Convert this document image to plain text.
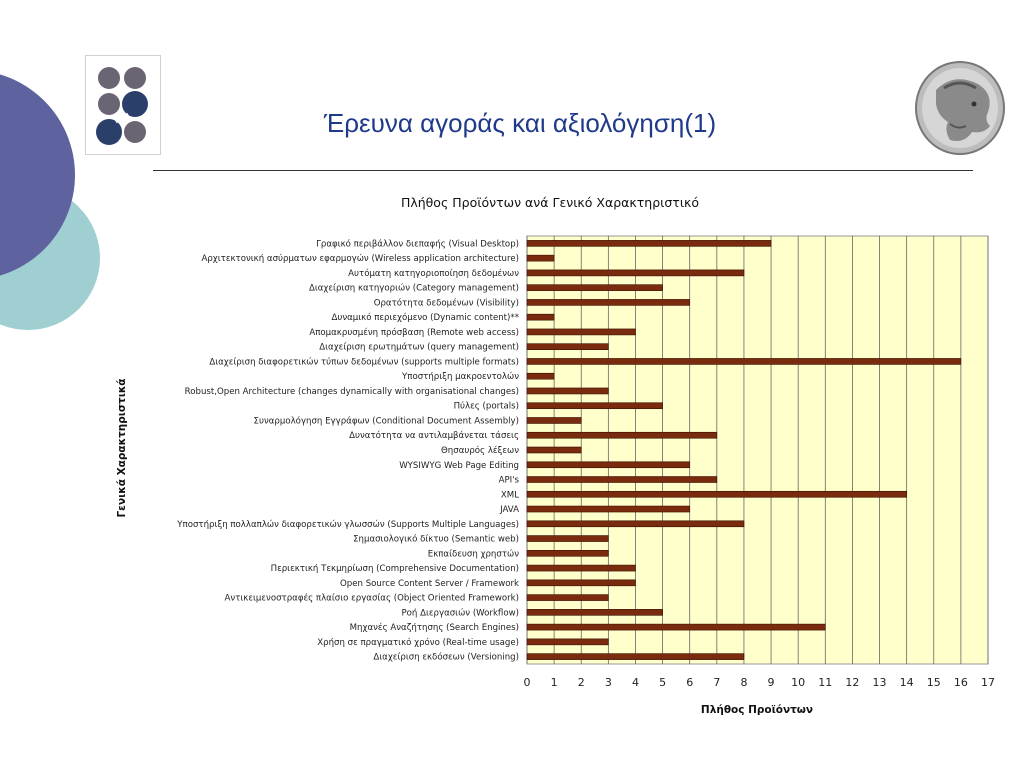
Έρευνα αγοράς και αξιολόγηση(1)
Πλήθος Προϊόντων ανά Γενικό Χαρακτηριστικό
Γραφικό περιβάλλον διεπαφής (Visual Desktop)
Αρχιτεκτονική ασύρματων εφαρμογών (Wireless application architecture)
Αυτόματη κατηγοριοποίηση δεδομένων
Διαχείριση κατηγοριών (Category management)
Ορατότητα δεδομένων (Visibility)
Δυναμικό περιεχόμενο (Dynamic content)**
Απομακρυσμένη πρόσβαση (Remote web access)
Διαχείριση ερωτημάτων (query management)
Διαχείριση διαφορετικών τύπων δεδομένων (supports multiple formats)
Υποστήριξη μακροεντολών
Robust,Open Architecture (changes dynamically with organisational changes)
Πύλες (portals)
Συναρμολόγηση Εγγράφων (Conditional Document Assembly)
Δυνατότητα να αντιλαμβάνεται τάσεις
Θησαυρός λέξεων
WYSIWYG Web Page Editing
API's
XML
JAVA
Υποστήριξη πολλαπλών διαφορετικών γλωσσών (Supports Multiple Languages)
Σημασιολογικό δίκτυο (Semantic web)
Εκπαίδευση χρηστών
Περιεκτική Τεκμηρίωση (Comprehensive Documentation)
Open Source Content Server / Framework
Αντικειμενοστραφές πλαίσιο εργασίας (Object Oriented Framework)
Ροή Διεργασιών (Workflow)
Μηχανές Αναζήτησης (Search Engines)
Χρήση σε πραγματικό χρόνο (Real-time usage)
Διαχείριση εκδόσεων (Versioning)
0 1 2 3 4 5 6 7 8 9 10 11 12 13 14 15 16 17
Πλήθος Προϊόντων
Γενικά Χαρακτηριστικά
